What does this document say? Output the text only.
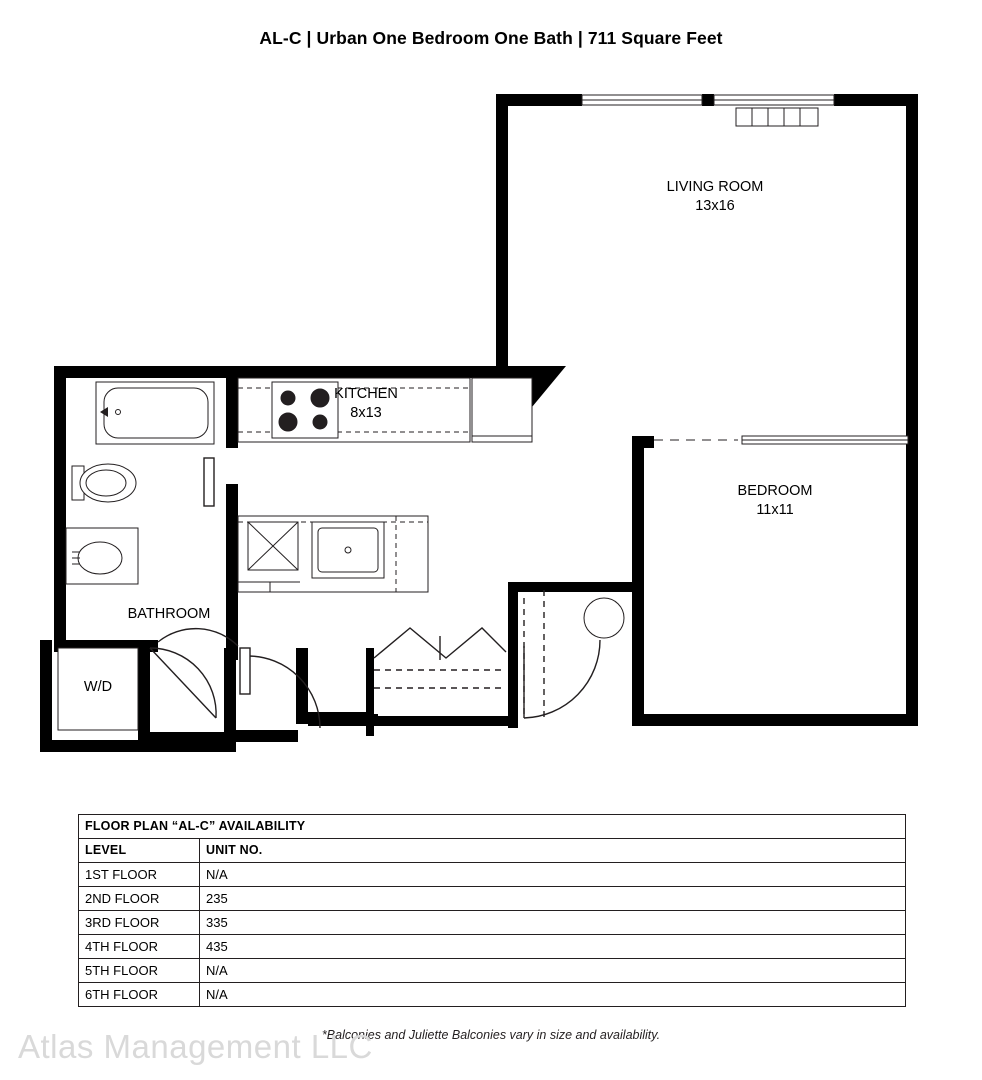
AL-C | Urban One Bedroom One Bath | 711 Square Feet
LIVING ROOM
13x16
KITCHEN
8x13
BEDROOM
11x11
BATHROOM
W/D
FLOOR PLAN “AL-C” AVAILABILITY	
LEVEL	UNIT NO.
1ST FLOOR	N/A
2ND FLOOR	235
3RD FLOOR	335
4TH FLOOR	435
5TH FLOOR	N/A
6TH FLOOR	N/A
*Balconies and Juliette Balconies vary in size and availability.
Atlas Management LLC
